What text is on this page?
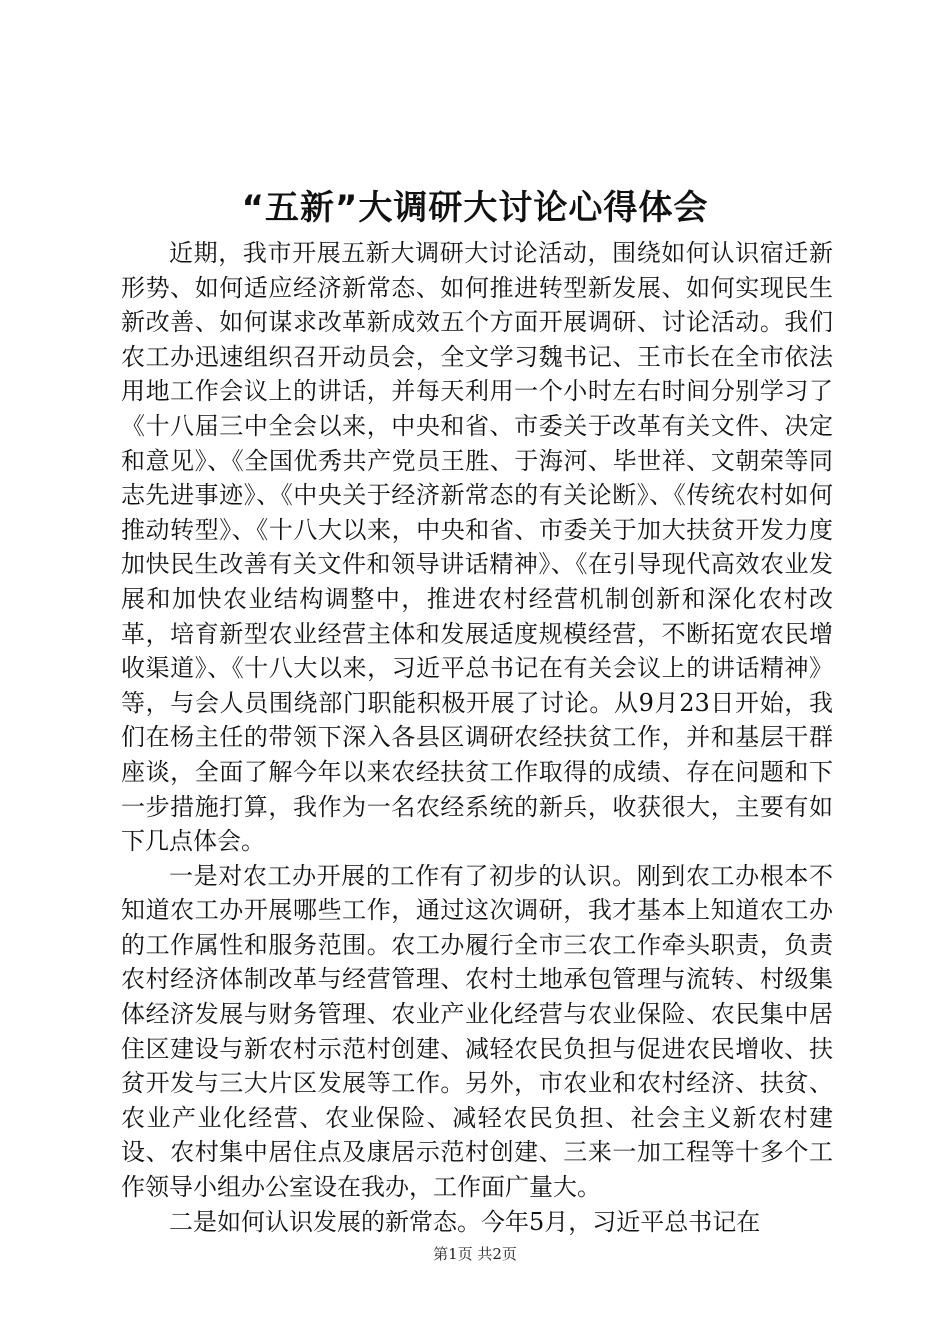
“五新”大调研大讨论心得体会

近期，我市开展五新大调研大讨论活动，围绕如何认识宿迁新形势、如何适应经济新常态、如何推进转型新发展、如何实现民生新改善、如何谋求改革新成效五个方面开展调研、讨论活动。我们农工办迅速组织召开动员会，全文学习魏书记、王市长在全市依法用地工作会议上的讲话，并每天利用一个小时左右时间分别学习了《十八届三中全会以来，中央和省、市委关于改革有关文件、决定和意见》、《全国优秀共产党员王胜、于海河、毕世祥、文朝荣等同志先进事迹》、《中央关于经济新常态的有关论断》、《传统农村如何推动转型》、《十八大以来，中央和省、市委关于加大扶贫开发力度加快民生改善有关文件和领导讲话精神》、《在引导现代高效农业发展和加快农业结构调整中，推进农村经营机制创新和深化农村改革，培育新型农业经营主体和发展适度规模经营，不断拓宽农民增收渠道》、《十八大以来，习近平总书记在有关会议上的讲话精神》等，与会人员围绕部门职能积极开展了讨论。从9月23日开始，我们在杨主任的带领下深入各县区调研农经扶贫工作，并和基层干群座谈，全面了解今年以来农经扶贫工作取得的成绩、存在问题和下一步措施打算，我作为一名农经系统的新兵，收获很大，主要有如下几点体会。

一是对农工办开展的工作有了初步的认识。刚到农工办根本不知道农工办开展哪些工作，通过这次调研，我才基本上知道农工办的工作属性和服务范围。农工办履行全市三农工作牵头职责，负责农村经济体制改革与经营管理、农村土地承包管理与流转、村级集体经济发展与财务管理、农业产业化经营与农业保险、农民集中居住区建设与新农村示范村创建、减轻农民负担与促进农民增收、扶贫开发与三大片区发展等工作。另外，市农业和农村经济、扶贫、农业产业化经营、农业保险、减轻农民负担、社会主义新农村建设、农村集中居住点及康居示范村创建、三来一加工程等十多个工作领导小组办公室设在我办，工作面广量大。

二是如何认识发展的新常态。今年5月，习近平总书记在

第1页 共2页
